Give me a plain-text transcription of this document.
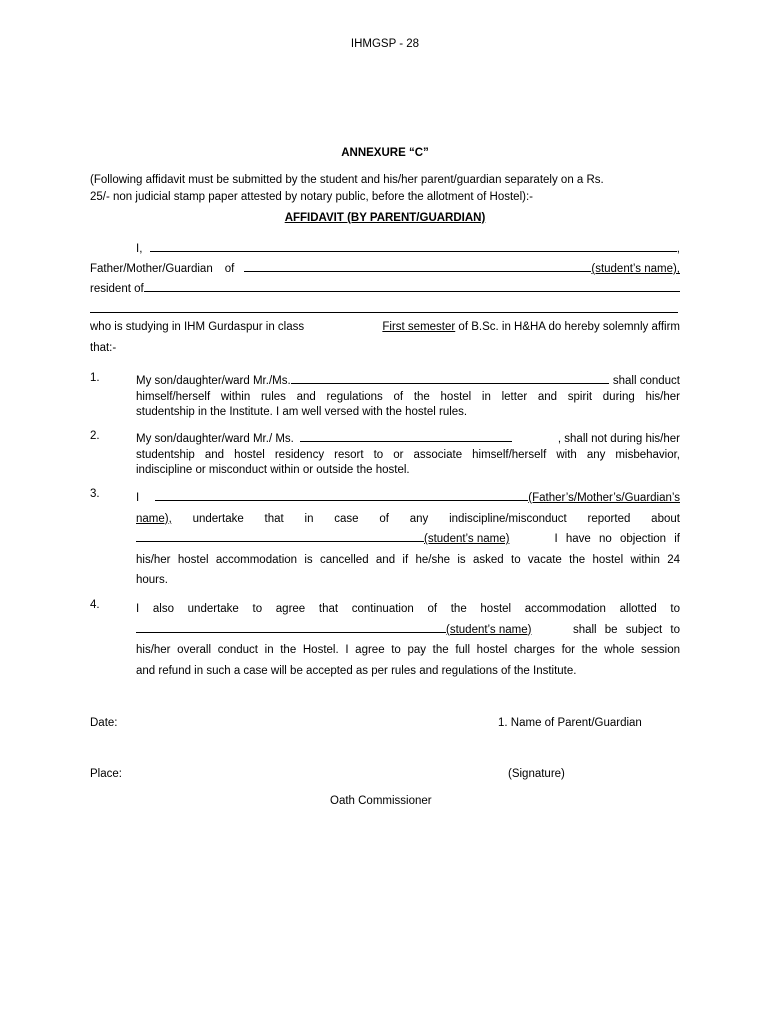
IHMGSP - 28
ANNEXURE “C”
(Following affidavit must be submitted by the student and his/her parent/guardian separately on a Rs.
25/- non judicial stamp paper attested by notary public, before the allotment of Hostel):-
AFFIDAVIT (BY PARENT/GUARDIAN)
I,	,
Father/Mother/Guardian of	(student’s name),
resident of
who is studying in IHM Gurdaspur in class	First semester of B.Sc. in H&HA do hereby solemnly affirm
that:-
1.	My son/daughter/ward Mr./Ms.	shall conduct
himself/herself within rules and regulations of the hostel in letter and spirit during his/her
studentship in the Institute. I am well versed with the hostel rules.
2.	My son/daughter/ward Mr./ Ms.	, shall not during his/her
studentship and hostel residency resort to or associate himself/herself with any misbehavior,
indiscipline or misconduct within or outside the hostel.
3.	I	(Father’s/Mother’s/Guardian’s
name), undertake that in case of any indiscipline/misconduct reported about
(student’s name)	I have no objection if
his/her hostel accommodation is cancelled and if he/she is asked to vacate the hostel within 24
hours.
4.	I also undertake to agree that continuation of the hostel accommodation allotted to
(student’s name)	shall be subject to
his/her overall conduct in the Hostel. I agree to pay the full hostel charges for the whole session
and refund in such a case will be accepted as per rules and regulations of the Institute.
Date:	1. Name of Parent/Guardian
Place:	(Signature)
Oath Commissioner
